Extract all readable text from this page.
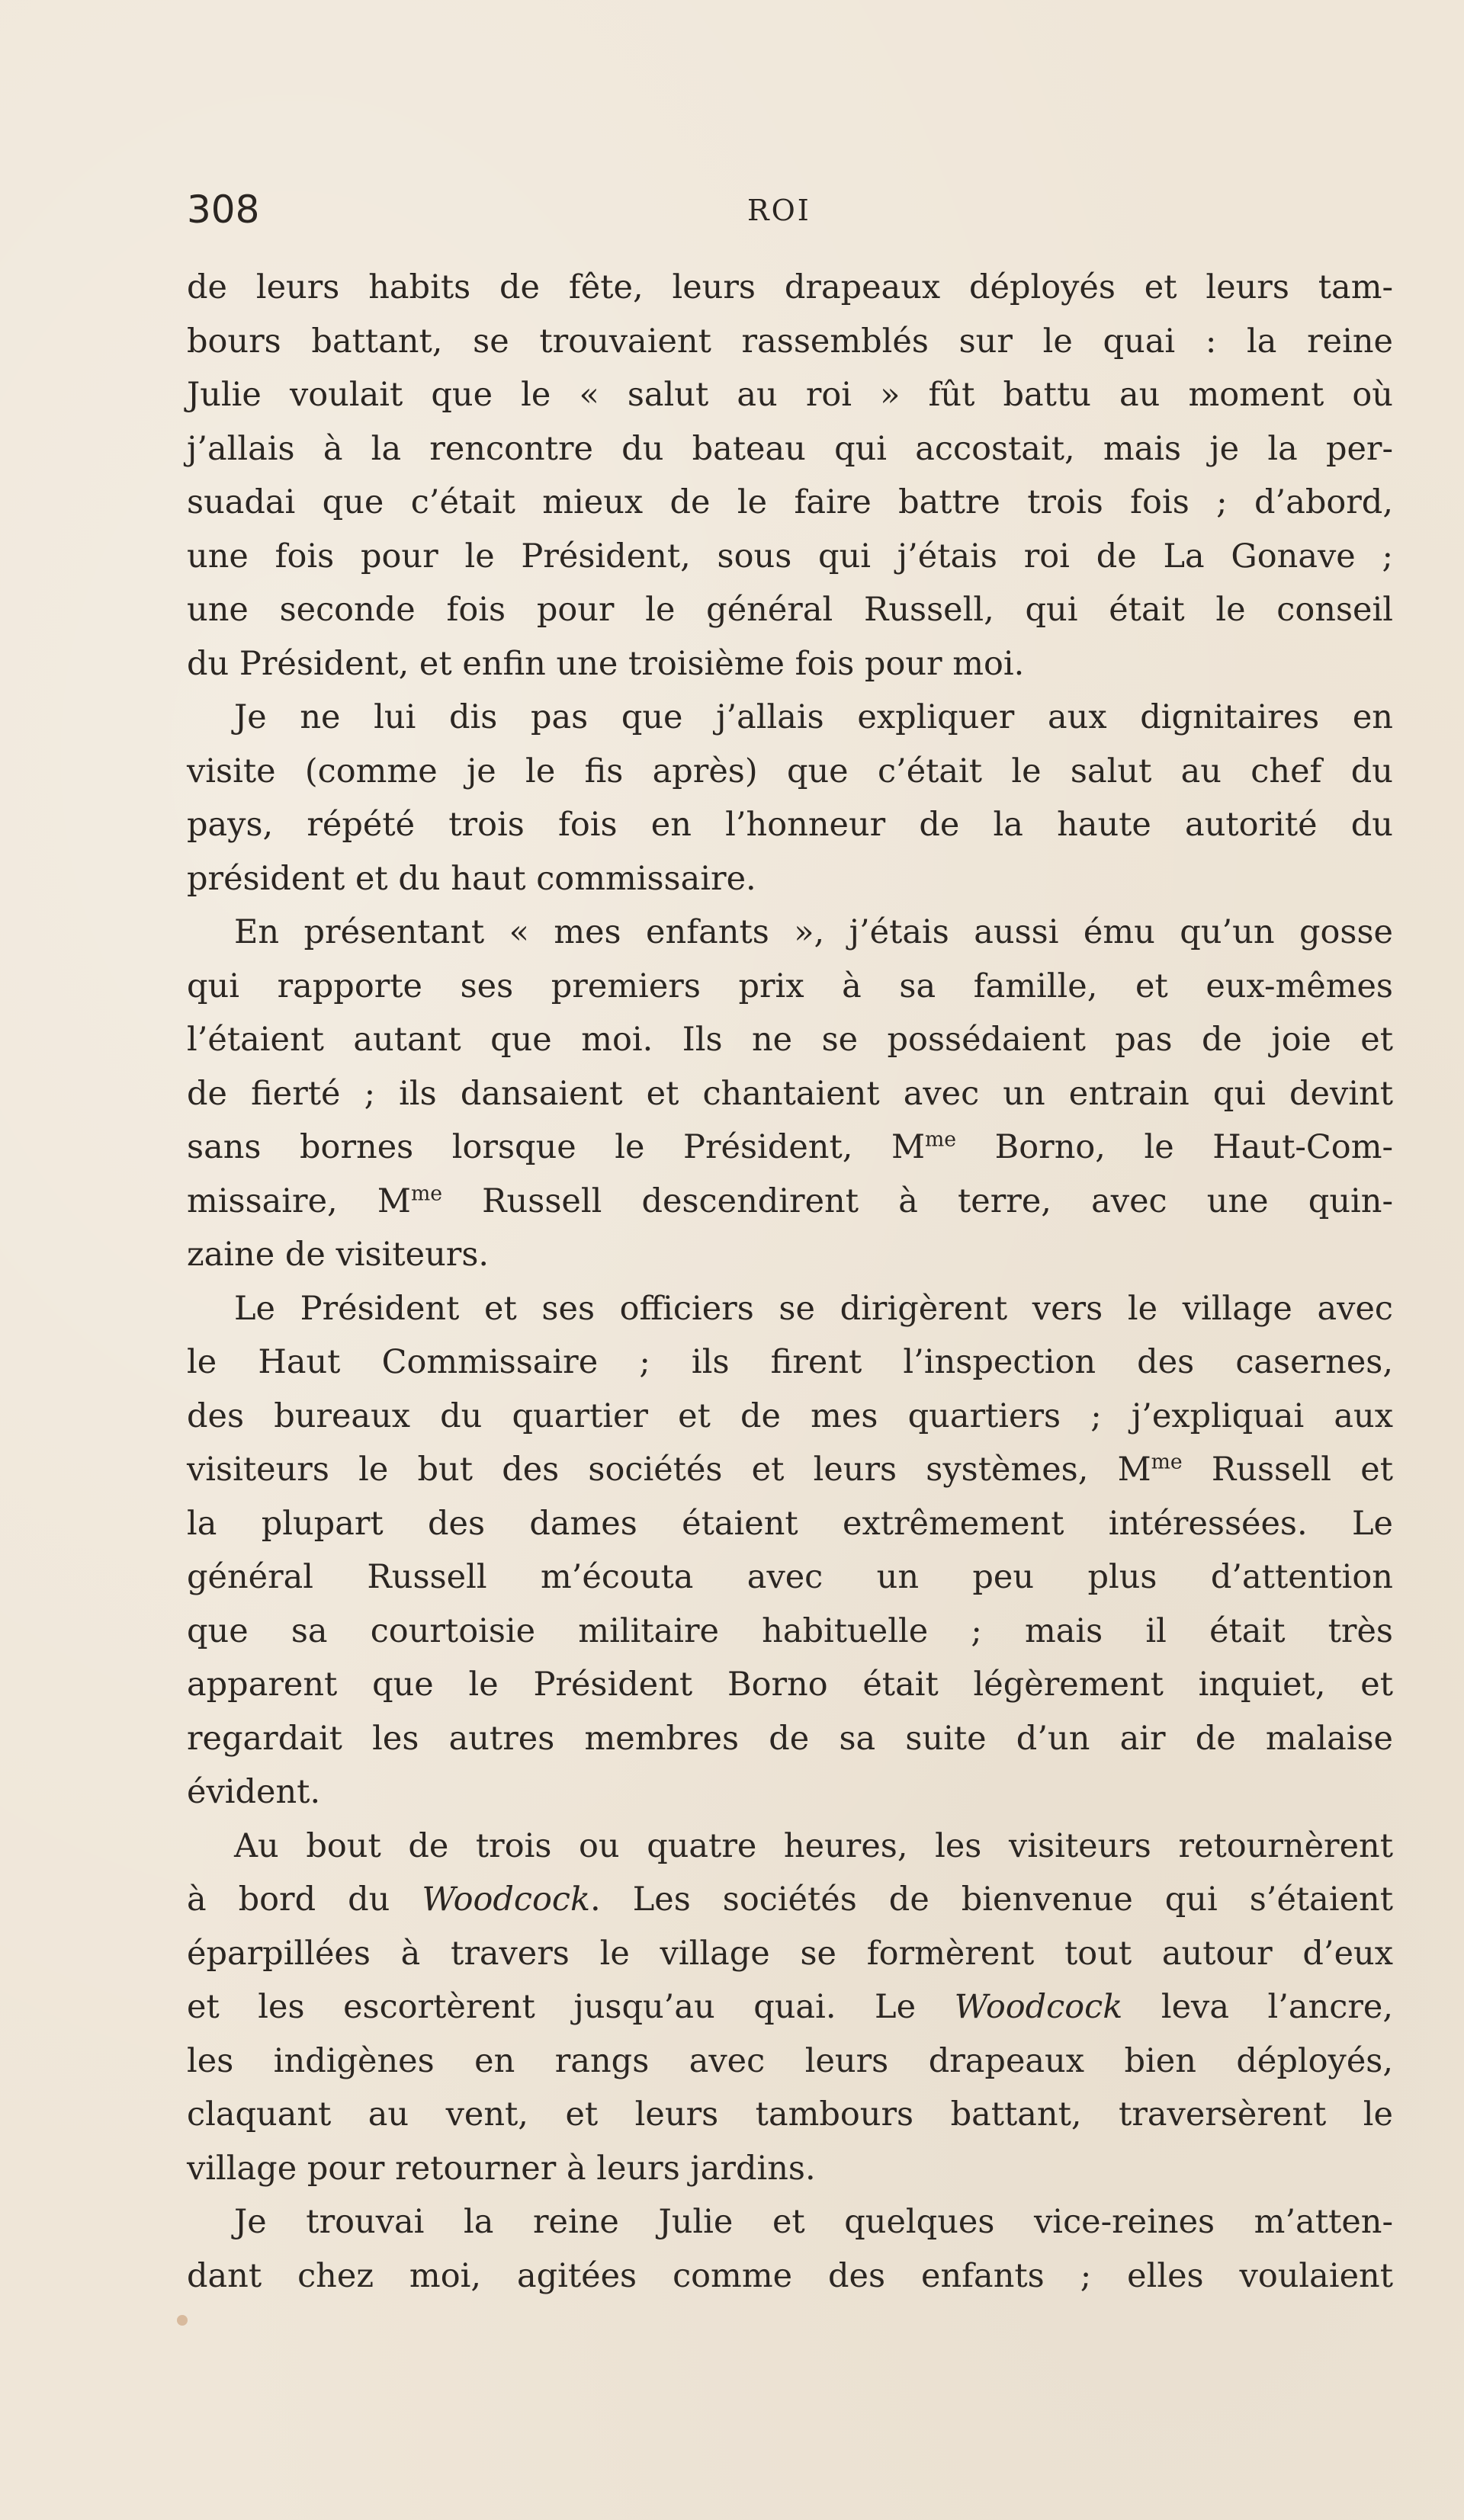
308	ROI
de leurs habits de fête, leurs drapeaux déployés et leurs tam-
bours battant, se trouvaient rassemblés sur le quai : la reine
Julie voulait que le « salut au roi » fût battu au moment où
j’allais à la rencontre du bateau qui accostait, mais je la per-
suadai que c’était mieux de le faire battre trois fois ; d’abord,
une fois pour le Président, sous qui j’étais roi de La Gonave ;
une seconde fois pour le général Russell, qui était le conseil
du Président, et enfin une troisième fois pour moi.
Je ne lui dis pas que j’allais expliquer aux dignitaires en
visite (comme je le fis après) que c’était le salut au chef du
pays, répété trois fois en l’honneur de la haute autorité du
président et du haut commissaire.
En présentant « mes enfants », j’étais aussi ému qu’un gosse
qui rapporte ses premiers prix à sa famille, et eux-mêmes
l’étaient autant que moi. Ils ne se possédaient pas de joie et
de fierté ; ils dansaient et chantaient avec un entrain qui devint
sans bornes lorsque le Président, $M^{me}$ Borno, le Haut-Com-
missaire, $M^{me}$ Russell descendirent à terre, avec une quin-
zaine de visiteurs.
Le Président et ses officiers se dirigèrent vers le village avec
le Haut Commissaire ; ils firent l’inspection des casernes,
des bureaux du quartier et de mes quartiers ; j’expliquai aux
visiteurs le but des sociétés et leurs systèmes, $M^{me}$ Russell et
la plupart des dames étaient extrêmement intéressées. Le
général Russell m’écouta avec un peu plus d’attention
que sa courtoisie militaire habituelle ; mais il était très
apparent que le Président Borno était légèrement inquiet, et
regardait les autres membres de sa suite d’un air de malaise
évident.
Au bout de trois ou quatre heures, les visiteurs retournèrent
à bord du Woodcock. Les sociétés de bienvenue qui s’étaient
éparpillées à travers le village se formèrent tout autour d’eux
et les escortèrent jusqu’au quai. Le Woodcock leva l’ancre,
les indigènes en rangs avec leurs drapeaux bien déployés,
claquant au vent, et leurs tambours battant, traversèrent le
village pour retourner à leurs jardins.
Je trouvai la reine Julie et quelques vice-reines m’atten-
dant chez moi, agitées comme des enfants ; elles voulaient
